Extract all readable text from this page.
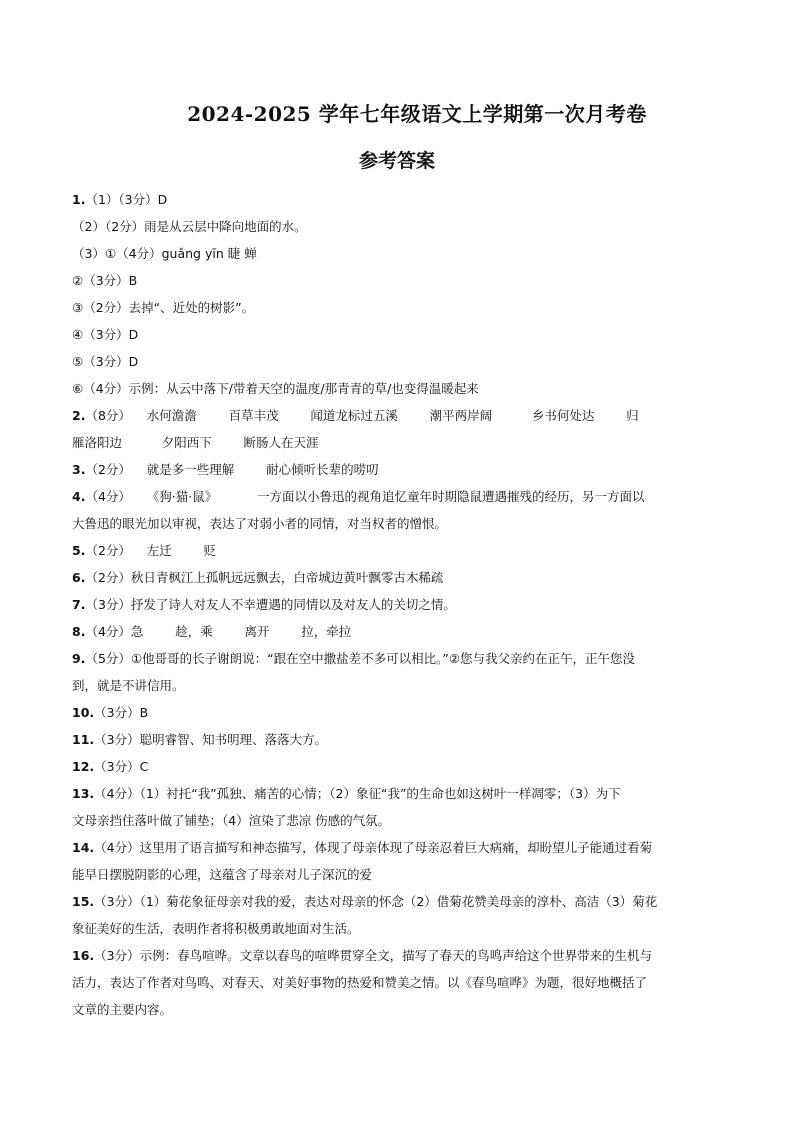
2024-2025 学年七年级语文上学期第一次月考卷
参考答案
1.（1）（3分）D
（2）（2分）雨是从云层中降向地面的水。
（3）①（4分）guǎng yīn 睫 蝉
②（3分）B
③（2分）去掉“、近处的树影”。
④（3分）D
⑤（3分）D
⑥（4分）示例：从云中落下/带着天空的温度/那青青的草/也变得温暖起来
2.（8分）    水何澹澹        百草丰茂        闻道龙标过五溪        潮平两岸阔          乡书何处达        归
雁洛阳边          夕阳西下        断肠人在天涯
3.（2分）    就是多一些理解        耐心倾听长辈的唠叨
4.（4分）    《狗·猫·鼠》          一方面以小鲁迅的视角追忆童年时期隐鼠遭遇摧残的经历，另一方面以
大鲁迅的眼光加以审视，表达了对弱小者的同情，对当权者的憎恨。
5.（2分）    左迁        贬
6.（2分）秋日青枫江上孤帆远远飘去，白帝城边黄叶飘零古木稀疏
7.（3分）抒发了诗人对友人不幸遭遇的同情以及对友人的关切之情。
8.（4分）急        趁，乘        离开        拉，牵拉
9.（5分）①他哥哥的长子谢朗说：“跟在空中撒盐差不多可以相比。”②您与我父亲约在正午，正午您没
到，就是不讲信用。
10.（3分）B
11.（3分）聪明睿智、知书明理、落落大方。
12.（3分）C
13.（4分）（1）衬托“我”孤独、痛苦的心情；（2）象征“我”的生命也如这树叶一样凋零；（3）为下
文母亲挡住落叶做了铺垫；（4）渲染了悲凉 伤感的气氛。
14.（4分）这里用了语言描写和神态描写，体现了母亲体现了母亲忍着巨大病痛，却盼望儿子能通过看菊
能早日摆脱阴影的心理，这蕴含了母亲对儿子深沉的爱
15.（3分）（1）菊花象征母亲对我的爱，表达对母亲的怀念（2）借菊花赞美母亲的淳朴、高洁（3）菊花
象征美好的生活，表明作者将积极勇敢地面对生活。
16.（3分）示例：春鸟喧哗。文章以春鸟的喧哗贯穿全文，描写了春天的鸟鸣声给这个世界带来的生机与
活力，表达了作者对鸟鸣、对春天、对美好事物的热爱和赞美之情。以《春鸟喧哗》为题，很好地概括了
文章的主要内容。
